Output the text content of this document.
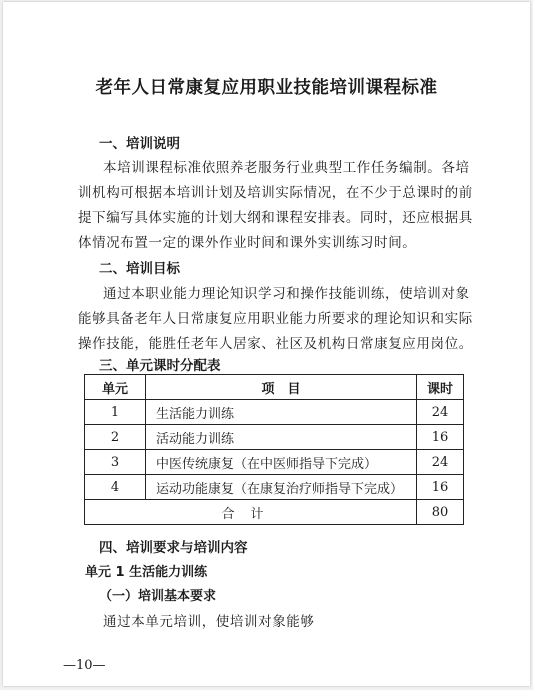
老年人日常康复应用职业技能培训课程标准
一、培训说明
本培训课程标准依照养老服务行业典型工作任务编制。各培
训机构可根据本培训计划及培训实际情况，在不少于总课时的前
提下编写具体实施的计划大纲和课程安排表。同时，还应根据具
体情况布置一定的课外作业时间和课外实训练习时间。
二、培训目标
通过本职业能力理论知识学习和操作技能训练，使培训对象
能够具备老年人日常康复应用职业能力所要求的理论知识和实际
操作技能，能胜任老年人居家、社区及机构日常康复应用岗位。
三、单元课时分配表
单元	项　目	课时
1	生活能力训练	24
2	活动能力训练	16
3	中医传统康复（在中医师指导下完成）	24
4	运动功能康复（在康复治疗师指导下完成）	16
合计		80
四、培训要求与培训内容
单元 1 生活能力训练
（一）培训基本要求
通过本单元培训，使培训对象能够
—10—
